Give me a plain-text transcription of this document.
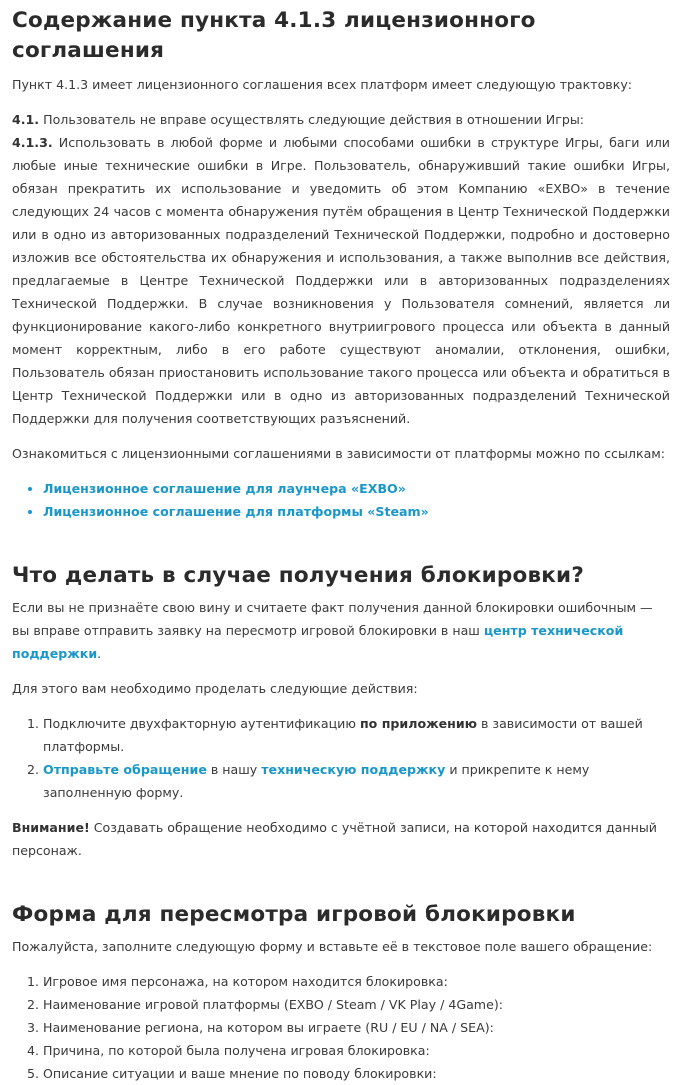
Содержание пункта 4.1.3 лицензионного соглашения

Пункт 4.1.3 имеет лицензионного соглашения всех платформ имеет следующую трактовку:

4.1. Пользователь не вправе осуществлять следующие действия в отношении Игры:

4.1.3. Использовать в любой форме и любыми способами ошибки в структуре Игры, баги или любые иные технические ошибки в Игре. Пользователь, обнаруживший такие ошибки Игры, обязан прекратить их использование и уведомить об этом Компанию «EXBO» в течение следующих 24 часов с момента обнаружения путём обращения в Центр Технической Поддержки или в одно из авторизованных подразделений Технической Поддержки, подробно и достоверно изложив все обстоятельства их обнаружения и использования, а также выполнив все действия, предлагаемые в Центре Технической Поддержки или в авторизованных подразделениях Технической Поддержки. В случае возникновения у Пользователя сомнений, является ли функционирование какого-либо конкретного внутриигрового процесса или объекта в данный момент корректным, либо в его работе существуют аномалии, отклонения, ошибки, Пользователь обязан приостановить использование такого процесса или объекта и обратиться в Центр Технической Поддержки или в одно из авторизованных подразделений Технической Поддержки для получения соответствующих разъяснений.

Ознакомиться с лицензионными соглашениями в зависимости от платформы можно по ссылкам:

• Лицензионное соглашение для лаунчера «EXBO»
• Лицензионное соглашение для платформы «Steam»
Что делать в случае получения блокировки?

Если вы не признаёте свою вину и считаете факт получения данной блокировки ошибочным — вы вправе отправить заявку на пересмотр игровой блокировки в наш центр технической поддержки.

Для этого вам необходимо проделать следующие действия:

1. Подключите двухфакторную аутентификацию по приложению в зависимости от вашей платформы.
2. Отправьте обращение в нашу техническую поддержку и прикрепите к нему заполненную форму.

Внимание! Создавать обращение необходимо с учётной записи, на которой находится данный персонаж.

Форма для пересмотра игровой блокировки

Пожалуйста, заполните следующую форму и вставьте её в текстовое поле вашего обращение:

1. Игровое имя персонажа, на котором находится блокировка:
2. Наименование игровой платформы (EXBO / Steam / VK Play / 4Game):
3. Наименование региона, на котором вы играете (RU / EU / NA / SEA):
4. Причина, по которой была получена игровая блокировка:
5. Описание ситуации и ваше мнение по поводу блокировки:
